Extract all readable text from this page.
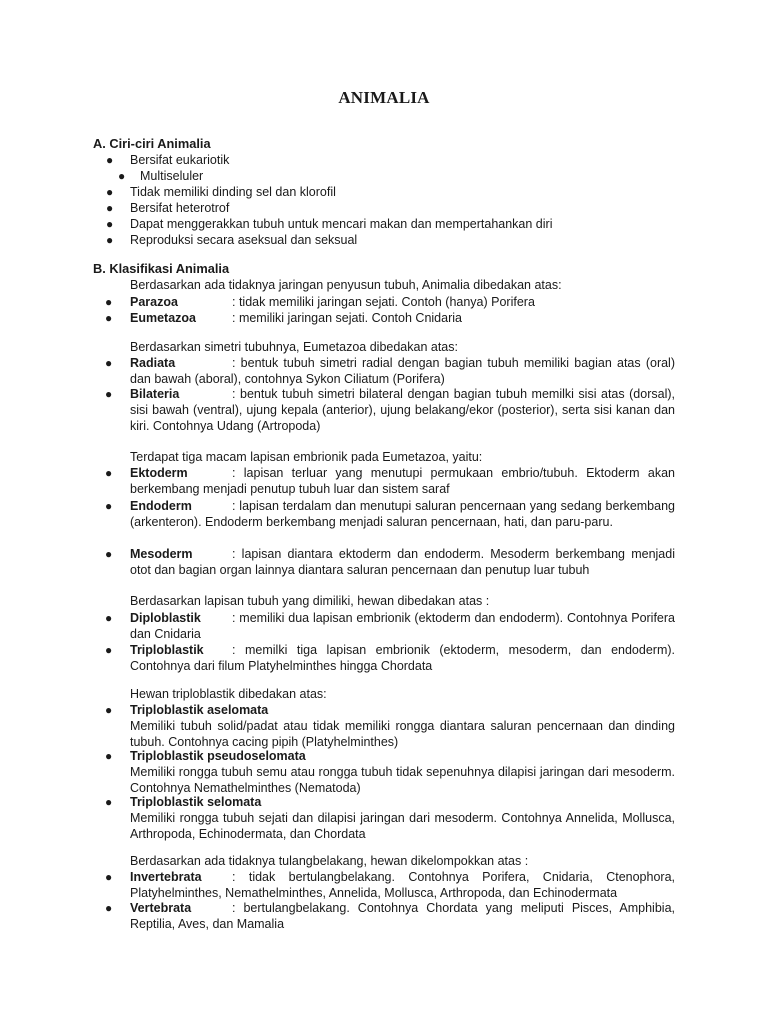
ANIMALIA
A. Ciri-ciri Animalia
● Bersifat eukariotik
● Multiseluler
● Tidak memiliki dinding sel dan klorofil
● Bersifat heterotrof
● Dapat menggerakkan tubuh untuk mencari makan dan mempertahankan diri
● Reproduksi secara aseksual dan seksual
B. Klasifikasi Animalia
Berdasarkan ada tidaknya jaringan penyusun tubuh, Animalia dibedakan atas:
● Parazoa	: tidak memiliki jaringan sejati. Contoh (hanya) Porifera
● Eumetazoa	: memiliki jaringan sejati. Contoh Cnidaria
Berdasarkan simetri tubuhnya, Eumetazoa dibedakan atas:
● Radiata	: bentuk tubuh simetri radial dengan bagian tubuh memiliki bagian atas (oral) dan bawah (aboral), contohnya Sykon Ciliatum (Porifera)
● Bilateria	: bentuk tubuh simetri bilateral dengan bagian tubuh memilki sisi atas (dorsal), sisi bawah (ventral), ujung kepala (anterior), ujung belakang/ekor (posterior), serta sisi kanan dan kiri. Contohnya Udang (Artropoda)
Terdapat tiga macam lapisan embrionik pada Eumetazoa, yaitu:
● Ektoderm	: lapisan terluar yang menutupi permukaan embrio/tubuh. Ektoderm akan berkembang menjadi penutup tubuh luar dan sistem saraf
● Endoderm	: lapisan terdalam dan menutupi saluran pencernaan yang sedang berkembang (arkenteron). Endoderm berkembang menjadi saluran pencernaan, hati, dan paru-paru.
● Mesoderm	: lapisan diantara ektoderm dan endoderm. Mesoderm berkembang menjadi otot dan bagian organ lainnya diantara saluran pencernaan dan penutup luar tubuh
Berdasarkan lapisan tubuh yang dimiliki, hewan dibedakan atas :
● Diploblastik : memiliki dua lapisan embrionik (ektoderm dan endoderm). Contohnya Porifera dan Cnidaria
● Triploblastik : memilki tiga lapisan embrionik (ektoderm, mesoderm, dan endoderm). Contohnya dari filum Platyhelminthes hingga Chordata
Hewan triploblastik dibedakan atas:
● Triploblastik aselomata
Memiliki tubuh solid/padat atau tidak memiliki rongga diantara saluran pencernaan dan dinding tubuh. Contohnya cacing pipih (Platyhelminthes)
● Triploblastik pseudoselomata
Memiliki rongga tubuh semu atau rongga tubuh tidak sepenuhnya dilapisi jaringan dari mesoderm. Contohnya Nemathelminthes (Nematoda)
● Triploblastik selomata
Memiliki rongga tubuh sejati dan dilapisi jaringan dari mesoderm. Contohnya Annelida, Mollusca, Arthropoda, Echinodermata, dan Chordata
Berdasarkan ada tidaknya tulangbelakang, hewan dikelompokkan atas :
● Invertebrata : tidak bertulangbelakang. Contohnya Porifera, Cnidaria, Ctenophora, Platyhelminthes, Nemathelminthes, Annelida, Mollusca, Arthropoda, dan Echinodermata
● Vertebrata	: bertulangbelakang. Contohnya Chordata yang meliputi Pisces, Amphibia, Reptilia, Aves, dan Mamalia
